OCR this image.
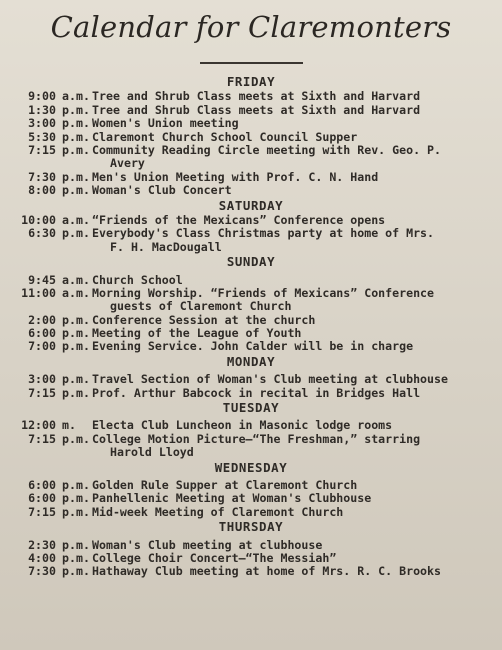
Calendar for Claremonters
FRIDAY
9:00 a.m. Tree and Shrub Class meets at Sixth and Harvard
1:30 p.m. Tree and Shrub Class meets at Sixth and Harvard
3:00 p.m. Women's Union meeting
5:30 p.m. Claremont Church School Council Supper
7:15 p.m. Community Reading Circle meeting with Rev. Geo. P.
Avery
7:30 p.m. Men's Union Meeting with Prof. C. N. Hand
8:00 p.m. Woman's Club Concert
SATURDAY
10:00 a.m. “Friends of the Mexicans” Conference opens
6:30 p.m. Everybody's Class Christmas party at home of Mrs.
F. H. MacDougall
SUNDAY
9:45 a.m. Church School
11:00 a.m. Morning Worship. “Friends of Mexicans” Conference
guests of Claremont Church
2:00 p.m. Conference Session at the church
6:00 p.m. Meeting of the League of Youth
7:00 p.m. Evening Service. John Calder will be in charge
MONDAY
3:00 p.m. Travel Section of Woman's Club meeting at clubhouse
7:15 p.m. Prof. Arthur Babcock in recital in Bridges Hall
TUESDAY
12:00 m. Electa Club Luncheon in Masonic lodge rooms
7:15 p.m. College Motion Picture—“The Freshman,” starring
Harold Lloyd
WEDNESDAY
6:00 p.m. Golden Rule Supper at Claremont Church
6:00 p.m. Panhellenic Meeting at Woman's Clubhouse
7:15 p.m. Mid-week Meeting of Claremont Church
THURSDAY
2:30 p.m. Woman's Club meeting at clubhouse
4:00 p.m. College Choir Concert—“The Messiah”
7:30 p.m. Hathaway Club meeting at home of Mrs. R. C. Brooks
